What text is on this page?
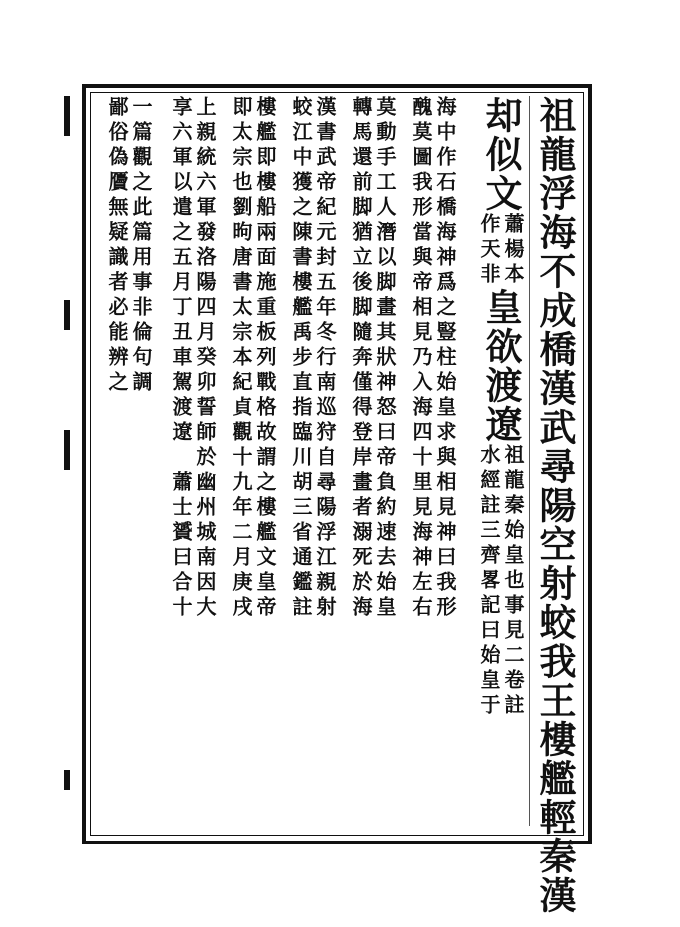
祖龍浮海不成橋漢武尋陽空射蛟我王樓艦輕秦漢
却似文
蕭
作
楊本
天非
皇欲渡遼
祖龍秦始皇也事見二卷註
水經註三齊畧記曰始皇于
海中作石橋海神爲之豎柱始皇求與相見神曰我形
醜莫圖我形當與帝相見乃入海四十里見海神左右
莫動手工人潛以脚畫其狀神怒曰帝負約速去始皇
轉馬還前脚猶立後脚隨奔僅得登岸畫者溺死於海
漢書武帝紀元封五年冬行南巡狩自尋陽浮江親射
蛟江中獲之陳書樓艦禹步直指臨川胡三省通鑑註
樓艦即樓船兩面施重板列戰格故謂之樓艦文皇帝
即太宗也劉昫唐書太宗本紀貞觀十九年二月庚戌
上親統六軍發洛陽四月癸卯誓師於幽州城南因大
享六軍以遣之五月丁丑車駕渡遼　蕭士贇曰合十
一篇觀之此篇用事非倫句調
鄙俗偽贗無疑識者必能辨之
